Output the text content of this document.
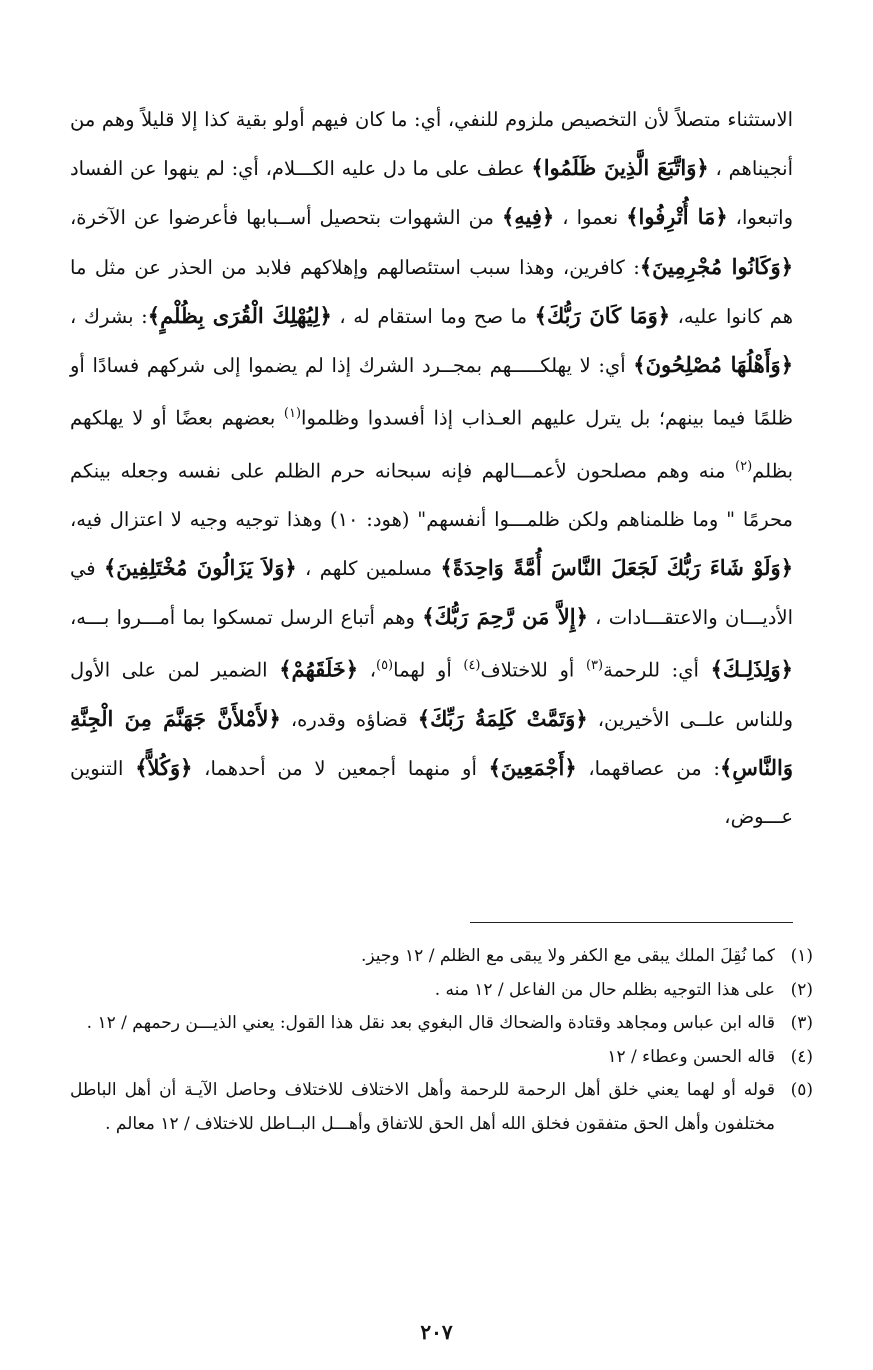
الاستثناء متصلاً لأن التخصيص ملزوم للنفي، أي: ما كان فيهم أولو بقية كذا إلا قليلاً وهم من أنجيناهم ، ﴿وَاتَّبَعَ الَّذِينَ ظَلَمُوا﴾ عطف على ما دل عليه الكـــلام، أي: لم ينهوا عن الفساد واتبعوا، ﴿مَا أُتْرِفُوا﴾ نعموا ، ﴿فِيهِ﴾ من الشهوات بتحصيل أســبابها فأعرضوا عن الآخرة، ﴿وَكَانُوا مُجْرِمِينَ﴾: كافرين، وهذا سبب استئصالهم وإهلاكهم فلابد من الحذر عن مثل ما هم كانوا عليه، ﴿وَمَا كَانَ رَبُّكَ﴾ ما صح وما استقام له ، ﴿لِيُهْلِكَ الْقُرَى بِظُلْمٍ﴾: بشرك ، ﴿وَأَهْلُهَا مُصْلِحُونَ﴾ أي: لا يهلكـــــهم بمجــرد الشرك إذا لم يضموا إلى شركهم فسادًا أو ظلمًا فيما بينهم؛ بل يترل عليهم العـذاب إذا أفسدوا وظلموا$^{(١)}$ بعضهم بعضًا أو لا يهلكهم بظلم$^{(٢)}$ منه وهم مصلحون لأعمـــالهم فإنه سبحانه حرم الظلم على نفسه وجعله بينكم محرمًا " وما ظلمناهم ولكن ظلمـــوا أنفسهم" (هود: ١٠) وهذا توجيه وجيه لا اعتزال فيه، ﴿وَلَوْ شَاءَ رَبُّكَ لَجَعَلَ النَّاسَ أُمَّةً وَاحِدَةً﴾ مسلمين كلهم ، ﴿وَلاَ يَزَالُونَ مُخْتَلِفِينَ﴾ في الأديـــان والاعتقـــادات ، ﴿إِلاَّ مَن رَّحِمَ رَبُّكَ﴾ وهم أتباع الرسل تمسكوا بما أمـــروا بـــه، ﴿وَلِذَلِـكَ﴾ أي: للرحمة$^{(٣)}$ أو للاختلاف$^{(٤)}$ أو لهما$^{(٥)}$، ﴿خَلَقَهُمْ﴾ الضمير لمن على الأول وللناس علــى الأخيرين، ﴿وَتَمَّتْ كَلِمَةُ رَبِّكَ﴾ قضاؤه وقدره، ﴿لأَمْلأَنَّ جَهَنَّمَ مِنَ الْجِنَّةِ وَالنَّاسِ﴾: من عصاقهما، ﴿أَجْمَعِينَ﴾ أو منهما أجمعين لا من أحدهما، ﴿وَكُلاًّ﴾ التنوين عـــوض،
(١)
كما نُقِلَ الملك يبقى مع الكفر ولا يبقى مع الظلم / ١٢ وجيز.
(٢)
على هذا التوجيه بظلم حال من الفاعل / ١٢ منه .
(٣)
قاله ابن عباس ومجاهد وقتادة والضحاك قال البغوي بعد نقل هذا القول: يعني الذيـــن رحمهم / ١٢ .
(٤)
قاله الحسن وعطاء / ١٢
(٥)
قوله أو لهما يعني خلق أهل الرحمة للرحمة وأهل الاختلاف للاختلاف وحاصل الآيـة أن أهل الباطل مختلفون وأهل الحق متفقون فخلق الله أهل الحق للاتفاق وأهـــل البــاطل للاختلاف / ١٢ معالم .
٢٠٧
